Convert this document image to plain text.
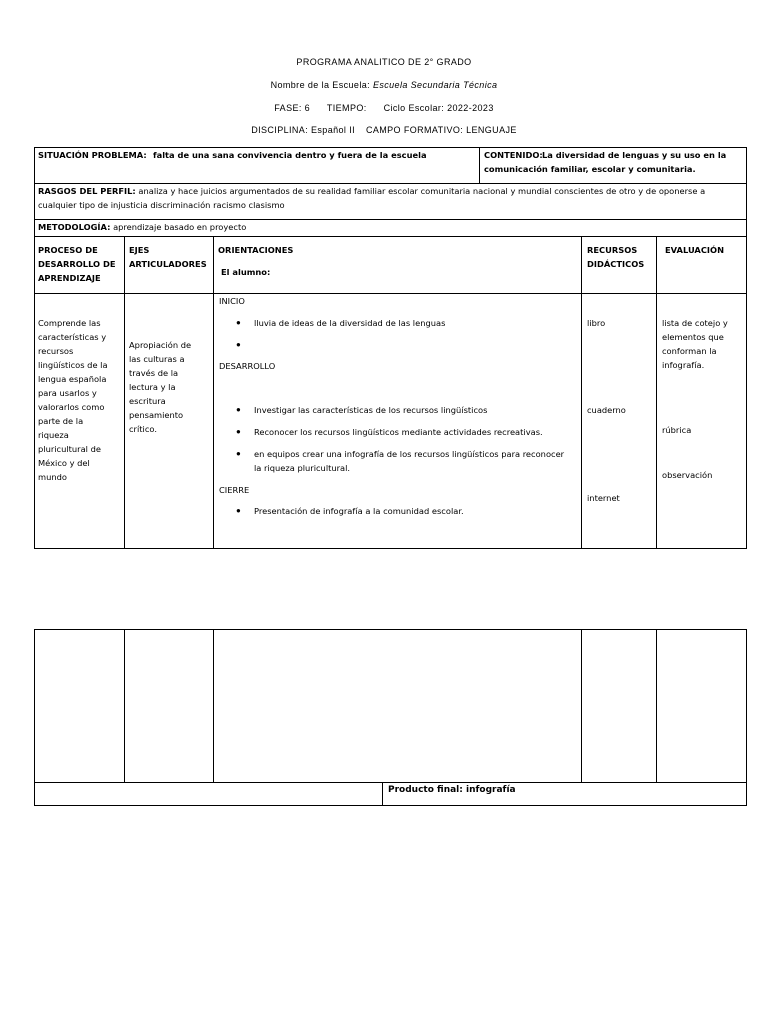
PROGRAMA ANALITICO DE 2° GRADO
Nombre de la Escuela: Escuela Secundaria Técnica
FASE: 6 TIEMPO: Ciclo Escolar: 2022-2023
DISCIPLINA: Español II CAMPO FORMATIVO: LENGUAJE
SITUACIÓN PROBLEMA: falta de una sana convivencia dentro y fuera de la escuela	CONTENIDO: La diversidad de lenguas y su uso en la
comunicación familiar, escolar y comunitaria.
RASGOS DEL PERFIL: analiza y hace juicios argumentados de su realidad familiar escolar comunitaria nacional y mundial conscientes de otro y de oponerse a
cualquier tipo de injusticia discriminación racismo clasismo
METODOLOGÍA: aprendizaje basado en proyecto
PROCESO DE
DESARROLLO DE
APRENDIZAJE
EJES
ARTICULADORES
ORIENTACIONES
El alumno:
RECURSOS
DIDÁCTICOS
EVALUACIÓN
Comprende las
características y
recursos
lingüísticos de la
lengua española
para usarlos y
valorarlos como
parte de la
riqueza
pluricultural de
México y del
mundo
Apropiación de
las culturas a
través de la
lectura y la
escritura
pensamiento
crítico.
INICIO
● lluvia de ideas de la diversidad de las lenguas
●
DESARROLLO
● Investigar las características de los recursos lingüísticos
● Reconocer los recursos lingüísticos mediante actividades recreativas.
● en equipos crear una infografía de los recursos lingüísticos para reconocer
la riqueza pluricultural.
CIERRE
● Presentación de infografía a la comunidad escolar.
libro
cuaderno
internet
lista de cotejo y
elementos que
conforman la
infografía.
rúbrica
observación
Producto final: infografía
